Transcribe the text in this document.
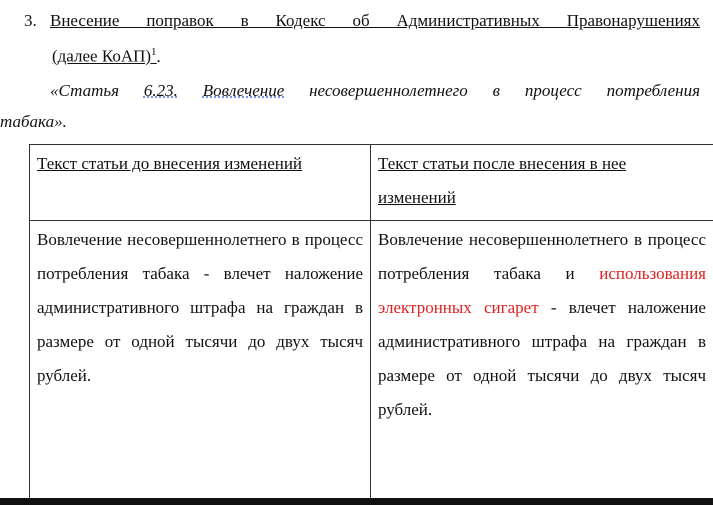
3. Внесение поправок в Кодекс об Административных Правонарушениях
(далее КоАП)$^1$.
«Статья 6.23. Вовлечение несовершеннолетнего в процесс потребления
табака».
Текст статьи до внесения изменений	Текст статьи после внесения в нее
изменений
Вовлечение несовершеннолетнего в процесс потребления табака - влечет наложение административного штрафа на граждан в размере от одной тысячи до двух тысяч рублей.	Вовлечение несовершеннолетнего в процесс потребления табака и использования электронных сигарет - влечет наложение административного штрафа на граждан в размере от одной тысячи до двух тысяч рублей.
